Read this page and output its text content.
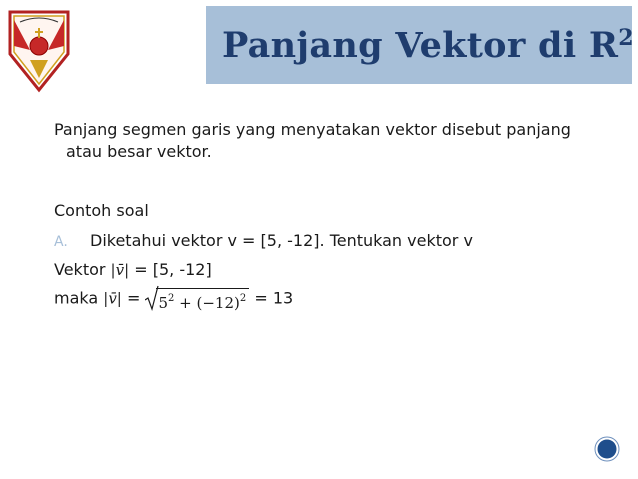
Panjang Vektor di $R^2$
Panjang segmen garis yang menyatakan vektor disebut panjang
atau besar vektor.
Contoh soal
A. Diketahui vektor v = [5, -12]. Tentukan vektor v
Vektor |v̄| = [5, -12]
maka |v̄| = $5^2 + (-12)^2 = 13$
